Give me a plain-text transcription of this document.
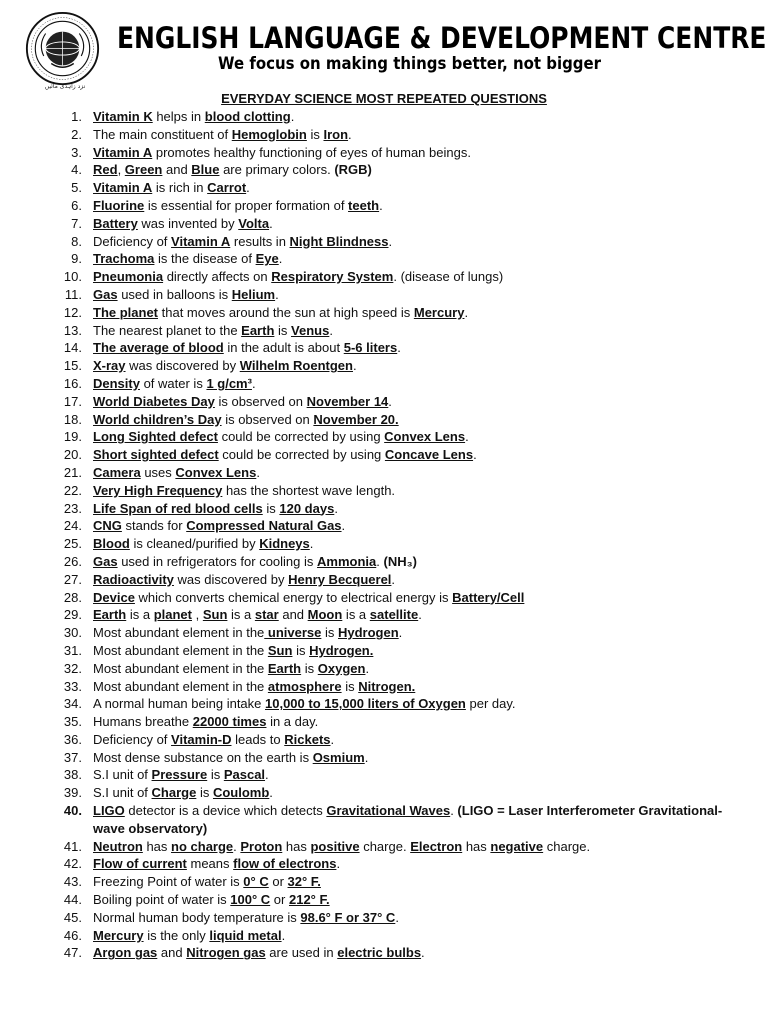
نزد زاہدی مائیں
ENGLISH LANGUAGE & DEVELOPMENT CENTRE

We focus on making things better, not bigger

EVERYDAY SCIENCE MOST REPEATED QUESTIONS
1. Vitamin K helps in blood clotting.
2. The main constituent of Hemoglobin is Iron.
3. Vitamin A promotes healthy functioning of eyes of human beings.
4. Red, Green and Blue are primary colors. (RGB)
5. Vitamin A is rich in Carrot.
6. Fluorine is essential for proper formation of teeth.
7. Battery was invented by Volta.
8. Deficiency of Vitamin A results in Night Blindness.
9. Trachoma is the disease of Eye.
10. Pneumonia directly affects on Respiratory System. (disease of lungs)
11. Gas used in balloons is Helium.
12. The planet that moves around the sun at high speed is Mercury.
13. The nearest planet to the Earth is Venus.
14. The average of blood in the adult is about 5-6 liters.
15. X-ray was discovered by Wilhelm Roentgen.
16. Density of water is 1 g/cm³.
17. World Diabetes Day is observed on November 14.
18. World children’s Day is observed on November 20.
19. Long Sighted defect could be corrected by using Convex Lens.
20. Short sighted defect could be corrected by using Concave Lens.
21. Camera uses Convex Lens.
22. Very High Frequency has the shortest wave length.
23. Life Span of red blood cells is 120 days.
24. CNG stands for Compressed Natural Gas.
25. Blood is cleaned/purified by Kidneys.
26. Gas used in refrigerators for cooling is Ammonia. (NH₃)
27. Radioactivity was discovered by Henry Becquerel.
28. Device which converts chemical energy to electrical energy is Battery/Cell
29. Earth is a planet , Sun is a star and Moon is a satellite.
30. Most abundant element in the universe is Hydrogen.
31. Most abundant element in the Sun is Hydrogen.
32. Most abundant element in the Earth is Oxygen.
33. Most abundant element in the atmosphere is Nitrogen.
34. A normal human being intake 10,000 to 15,000 liters of Oxygen per day.
35. Humans breathe 22000 times in a day.
36. Deficiency of Vitamin-D leads to Rickets.
37. Most dense substance on the earth is Osmium.
38. S.I unit of Pressure is Pascal.
39. S.I unit of Charge is Coulomb.
40. LIGO detector is a device which detects Gravitational Waves. (LIGO = Laser Interferometer Gravitational-wave observatory)
41. Neutron has no charge. Proton has positive charge. Electron has negative charge.
42. Flow of current means flow of electrons.
43. Freezing Point of water is 0° C or 32° F.
44. Boiling point of water is 100° C or 212° F.
45. Normal human body temperature is 98.6° F or 37° C.
46. Mercury is the only liquid metal.
47. Argon gas and Nitrogen gas are used in electric bulbs.
